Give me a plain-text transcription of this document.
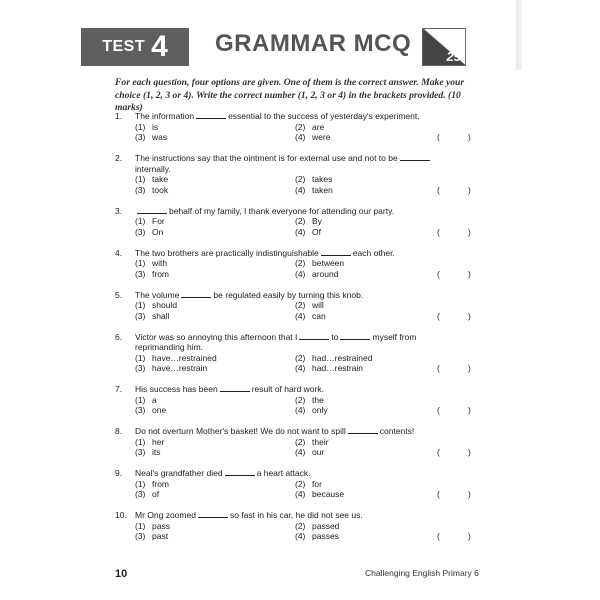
TEST 4 GRAMMAR MCQ	25
For each question, four options are given. One of them is the correct answer. Make your choice (1, 2, 3 or 4). Write the correct number (1, 2, 3 or 4) in the brackets provided. (10 marks)
1. The information	essential to the success of yesterday's experiment.
(1) is	(2) are
(3) was	(4) were	(	)
2. The instructions say that the ointment is for external use and not to beinternally.
(1) take	(2) takes
(3) took	(4) taken	(	)
3.	behalf of my family, I thank everyone for attending our party.
(1) For	(2) By
(3) On	(4) Of	(	)
4. The two brothers are practically indistinguishable	each other.
(1) with	(2) between
(3) from	(4) around	(	)
5. The volume	be regulated easily by turning this knob.
(1) should	(2) will
(3) shall	(4) can	(	)
6. Victor was so annoying this afternoon that I	to	myself from reprimanding him.
(1) have…restrained	(2) had…restrained
(3) have…restrain	(4) had…restrain	(	)
7. His success has been	result of hard work.
(1) a	(2) the
(3) one	(4) only	(	)
8. Do not overturn Mother's basket! We do not want to spill	contents!
(1) her	(2) their
(3) its	(4) our	(	)
9. Neal's grandfather died	a heart attack.
(1) from	(2) for
(3) of	(4) because	(	)
10. Mr Ong zoomed	so fast in his car, he did not see us.
(1) pass	(2) passed
(3) past	(4) passes	(	)
10	Challenging English Primary 6
